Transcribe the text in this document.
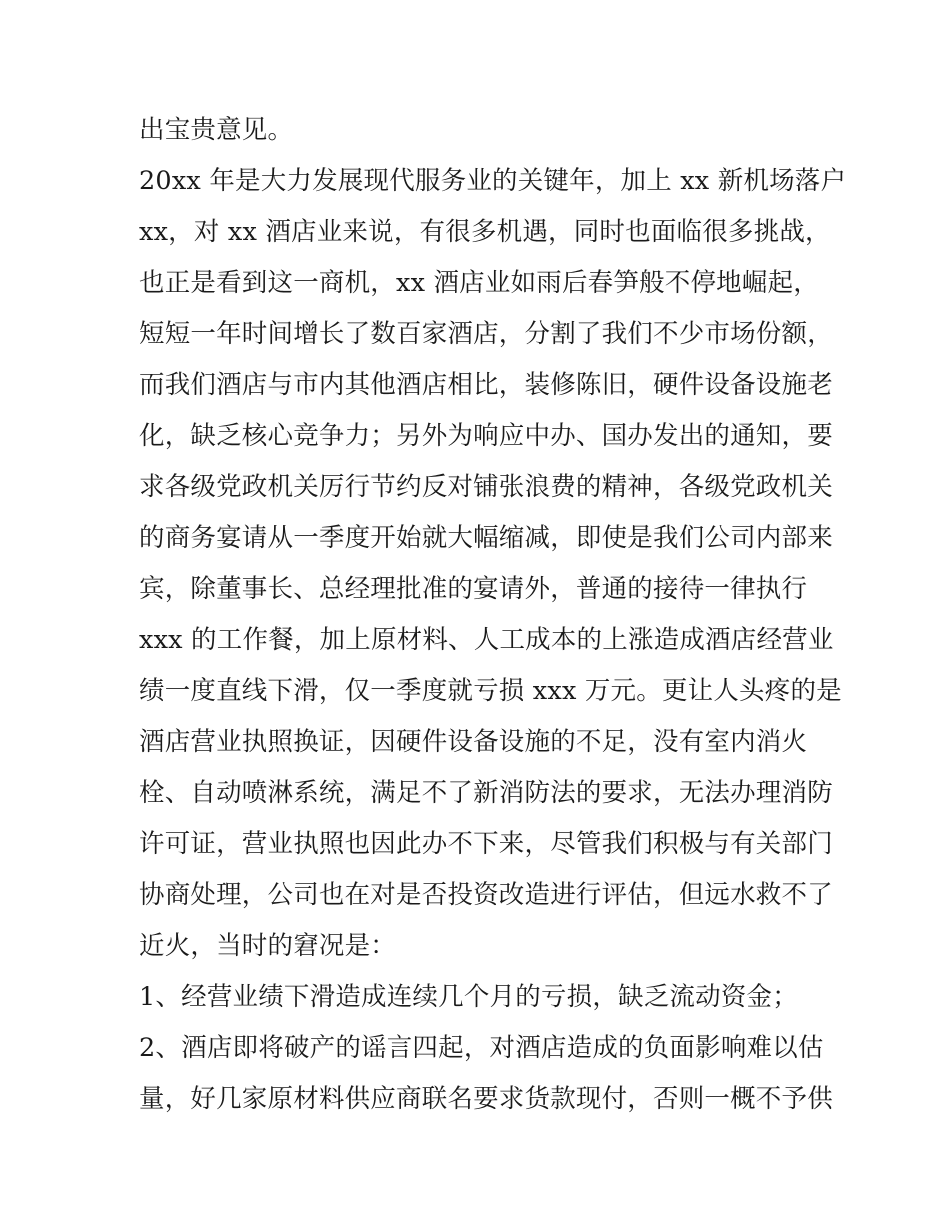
出宝贵意见。
20xx 年是大力发展现代服务业的关键年，加上 xx 新机场落户
xx，对 xx 酒店业来说，有很多机遇，同时也面临很多挑战，
也正是看到这一商机，xx 酒店业如雨后春笋般不停地崛起，
短短一年时间增长了数百家酒店，分割了我们不少市场份额，
而我们酒店与市内其他酒店相比，装修陈旧，硬件设备设施老
化，缺乏核心竞争力；另外为响应中办、国办发出的通知，要
求各级党政机关厉行节约反对铺张浪费的精神，各级党政机关
的商务宴请从一季度开始就大幅缩减，即使是我们公司内部来
宾，除董事长、总经理批准的宴请外，普通的接待一律执行
xxx 的工作餐，加上原材料、人工成本的上涨造成酒店经营业
绩一度直线下滑，仅一季度就亏损 xxx 万元。更让人头疼的是
酒店营业执照换证，因硬件设备设施的不足，没有室内消火
栓、自动喷淋系统，满足不了新消防法的要求，无法办理消防
许可证，营业执照也因此办不下来，尽管我们积极与有关部门
协商处理，公司也在对是否投资改造进行评估，但远水救不了
近火，当时的窘况是：
1、经营业绩下滑造成连续几个月的亏损，缺乏流动资金；
2、酒店即将破产的谣言四起，对酒店造成的负面影响难以估
量，好几家原材料供应商联名要求货款现付，否则一概不予供
